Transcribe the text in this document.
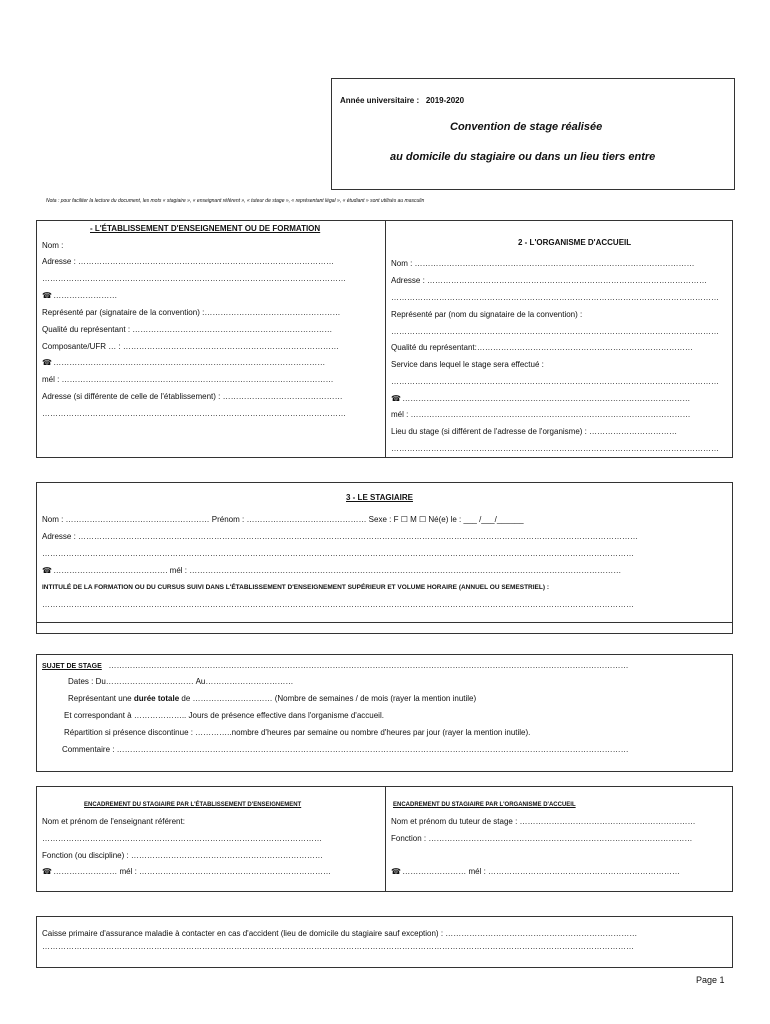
Année universitaire : 2019-2020
Convention de stage réalisée
au domicile du stagiaire ou dans un lieu tiers entre
Nota : pour faciliter la lecture du document, les mots « stagiaire », « enseignant référent », « tuteur de stage », « représentant légal », « étudiant » sont utilisés au masculin
- L'ÉTABLISSEMENT D'ENSEIGNEMENT OU DE FORMATION
Nom :
Adresse : ……………………………………………………………………………………
……………………………………………………………………………………………………
☎ ……………………
Représenté par (signataire de la convention) :……………………………………………
Qualité du représentant : …………………………………………………………………
Composante/UFR … : ………………………………………………………………………
☎ …………………………………………………………………………………………
mél : …………………………………………………………………………………………
Adresse (si différente de celle de l'établissement) : ………………………………………
……………………………………………………………………………………………………
2 - L'ORGANISME D'ACCUEIL
Nom : ……………………………………………………………………………………………
Adresse : ……………………………………………………………………………………………
……………………………………………………………………………………………………………
Représenté par (nom du signataire de la convention) :
……………………………………………………………………………………………………………
Qualité du représentant:………………………………………………………………………
Service dans lequel le stage sera effectué :
……………………………………………………………………………………………………………
☎ ………………………………………………………………………………………………
mél : ……………………………………………………………………………………………
Lieu du stage (si différent de l'adresse de l'organisme) : ……………………………
……………………………………………………………………………………………………………
3 - LE STAGIAIRE
Nom : ……………………………………………… Prénom : ……………………………………… Sexe : F ☐ M ☐ Né(e) le : ___ /___/______
Adresse : …………………………………………………………………………………………………………………………………………………………………………………………
……………………………………………………………………………………………………………………………………………………………………………………………………
☎ ……………………………………. mél : ………………………………………………………………………………………………………………………………………………
INTITULÉ DE LA FORMATION OU DU CURSUS SUIVI DANS L'ÉTABLISSEMENT D'ENSEIGNEMENT SUPÉRIEUR ET VOLUME HORAIRE (ANNUEL OU SEMESTRIEL) :
……………………………………………………………………………………………………………………………………………………………………………………………………
SUJET DE STAGE ……………………………………………………………………………………………………………………………………………………………………………
Dates : Du…………………………… Au……………………………
Représentant une durée totale de ………………………… (Nombre de semaines / de mois (rayer la mention inutile)
Et correspondant à ……………….. Jours de présence effective dans l'organisme d'accueil.
Répartition si présence discontinue : …………..nombre d'heures par semaine ou nombre d'heures par jour (rayer la mention inutile).
Commentaire : …………………………………………………………………………………………………………………………………………………………………………
ENCADREMENT DU STAGIAIRE PAR L'ÉTABLISSEMENT D'ENSEIGNEMENT
Nom et prénom de l'enseignant référent:
……………………………………………………………………………………………
Fonction (ou discipline) : ………………………………………………………………
☎ …………………… mél : ………………………………………………………………
ENCADREMENT DU STAGIAIRE PAR L'ORGANISME D'ACCUEIL
Nom et prénom du tuteur de stage : …………………………………………………………
Fonction : ………………………………………………………………………………………
☎ …………………… mél : ………………………………………………………………
Caisse primaire d'assurance maladie à contacter en cas d'accident (lieu de domicile du stagiaire sauf exception) : ………………………………………………………………
……………………………………………………………………………………………………………………………………………………………………………………………………
Page 1
